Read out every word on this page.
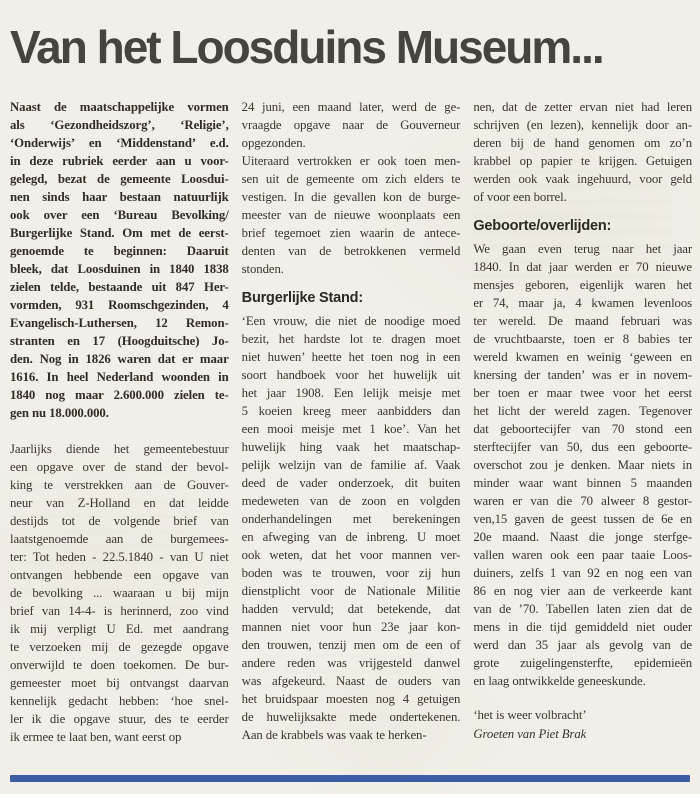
Van het Loosduins Museum...
Naast de maatschappelijke vormen
als ‘Gezondheidszorg’, ‘Religie’,
‘Onderwijs’ en ‘Middenstand’ e.d.
in deze rubriek eerder aan u voor-
gelegd, bezat de gemeente Loosdui-
nen sinds haar bestaan natuurlijk
ook over een ‘Bureau Bevolking/
Burgerlijke Stand. Om met de eerst-
genoemde te beginnen: Daaruit
bleek, dat Loosduinen in 1840 1838
zielen telde, bestaande uit 847 Her-
vormden, 931 Roomschgezinden, 4
Evangelisch-Luthersen, 12 Remon-
stranten en 17 (Hoogduitsche) Jo-
den. Nog in 1826 waren dat er maar
1616. In heel Nederland woonden in
1840 nog maar 2.600.000 zielen te-
gen nu 18.000.000.
Jaarlijks diende het gemeentebestuur
een opgave over de stand der bevol-
king te verstrekken aan de Gouver-
neur van Z-Holland en dat leidde
destijds tot de volgende brief van
laatstgenoemde aan de burgemees-
ter: Tot heden - 22.5.1840 - van U niet
ontvangen hebbende een opgave van
de bevolking ... waaraan u bij mijn
brief van 14-4- is herinnerd, zoo vind
ik mij verpligt U Ed. met aandrang
te verzoeken mij de gezegde opgave
onverwijld te doen toekomen. De bur-
gemeester moet bij ontvangst daarvan
kennelijk gedacht hebben: ‘hoe snel-
ler ik die opgave stuur, des te eerder
ik ermee te laat ben, want eerst op
24 juni, een maand later, werd de ge-
vraagde opgave naar de Gouverneur
opgezonden.
Uiteraard vertrokken er ook toen men-
sen uit de gemeente om zich elders te
vestigen. In die gevallen kon de burge-
meester van de nieuwe woonplaats een
brief tegemoet zien waarin de antece-
denten van de betrokkenen vermeld
stonden.
Burgerlijke Stand:
‘Een vrouw, die niet de noodige moed
bezit, het hardste lot te dragen moet
niet huwen’ heette het toen nog in een
soort handboek voor het huwelijk uit
het jaar 1908. Een lelijk meisje met
5 koeien kreeg meer aanbidders dan
een mooi meisje met 1 koe’. Van het
huwelijk hing vaak het maatschap-
pelijk welzijn van de familie af. Vaak
deed de vader onderzoek, dit buiten
medeweten van de zoon en volgden
onderhandelingen met berekeningen
en afweging van de inbreng. U moet
ook weten, dat het voor mannen ver-
boden was te trouwen, voor zij hun
dienstplicht voor de Nationale Militie
hadden vervuld; dat betekende, dat
mannen niet voor hun 23e jaar kon-
den trouwen, tenzij men om de een of
andere reden was vrijgesteld danwel
was afgekeurd. Naast de ouders van
het bruidspaar moesten nog 4 getuigen
de huwelijksakte mede ondertekenen.
Aan de krabbels was vaak te herken-
nen, dat de zetter ervan niet had leren
schrijven (en lezen), kennelijk door an-
deren bij de hand genomen om zo’n
krabbel op papier te krijgen. Getuigen
werden ook vaak ingehuurd, voor geld
of voor een borrel.
Geboorte/overlijden:
We gaan even terug naar het jaar
1840. In dat jaar werden er 70 nieuwe
mensjes geboren, eigenlijk waren het
er 74, maar ja, 4 kwamen levenloos
ter wereld. De maand februari was
de vruchtbaarste, toen er 8 babies ter
wereld kwamen en weinig ‘geween en
knersing der tanden’ was er in novem-
ber toen er maar twee voor het eerst
het licht der wereld zagen. Tegenover
dat geboortecijfer van 70 stond een
sterftecijfer van 50, dus een geboorte-
overschot zou je denken. Maar niets in
minder waar want binnen 5 maanden
waren er van die 70 alweer 8 gestor-
ven,15 gaven de geest tussen de 6e en
20e maand. Naast die jonge sterfge-
vallen waren ook een paar taaie Loos-
duiners, zelfs 1 van 92 en nog een van
86 en nog vier aan de verkeerde kant
van de ’70. Tabellen laten zien dat de
mens in die tijd gemiddeld niet ouder
werd dan 35 jaar als gevolg van de
grote zuigelingensterfte, epidemieën
en laag ontwikkelde geneeskunde.
‘het is weer volbracht’
Groeten van Piet Brak
